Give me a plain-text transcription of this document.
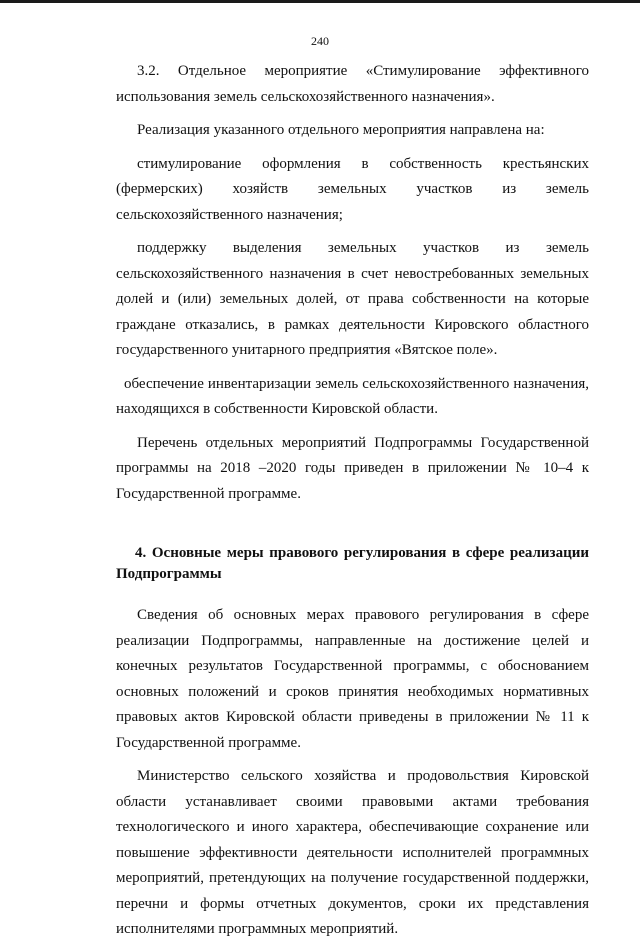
240

3.2. Отдельное мероприятие «Стимулирование эффективного использования земель сельскохозяйственного назначения».

Реализация указанного отдельного мероприятия направлена на:

стимулирование оформления в собственность крестьянских (фермерских) хозяйств земельных участков из земель сельскохозяйственного назначения;

поддержку выделения земельных участков из земель сельскохозяйственного назначения в счет невостребованных земельных долей и (или) земельных долей, от права собственности на которые граждане отказались, в рамках деятельности Кировского областного государственного унитарного предприятия «Вятское поле».

обеспечение инвентаризации земель сельскохозяйственного назначения, находящихся в собственности Кировской области.

Перечень отдельных мероприятий Подпрограммы Государственной программы на 2018 –2020 годы приведен в приложении № 10–4 к Государственной программе.

4. Основные меры правового регулирования в сфере реализации Подпрограммы

Сведения об основных мерах правового регулирования в сфере реализации Подпрограммы, направленные на достижение целей и конечных результатов Государственной программы, с обоснованием основных положений и сроков принятия необходимых нормативных правовых актов Кировской области приведены в приложении № 11 к Государственной программе.

Министерство сельского хозяйства и продовольствия Кировской области устанавливает своими правовыми актами требования технологического и иного характера, обеспечивающие сохранение или повышение эффективности деятельности исполнителей программных мероприятий, претендующих на получение государственной поддержки, перечни и формы отчетных документов, сроки их представления исполнителями программных мероприятий.
